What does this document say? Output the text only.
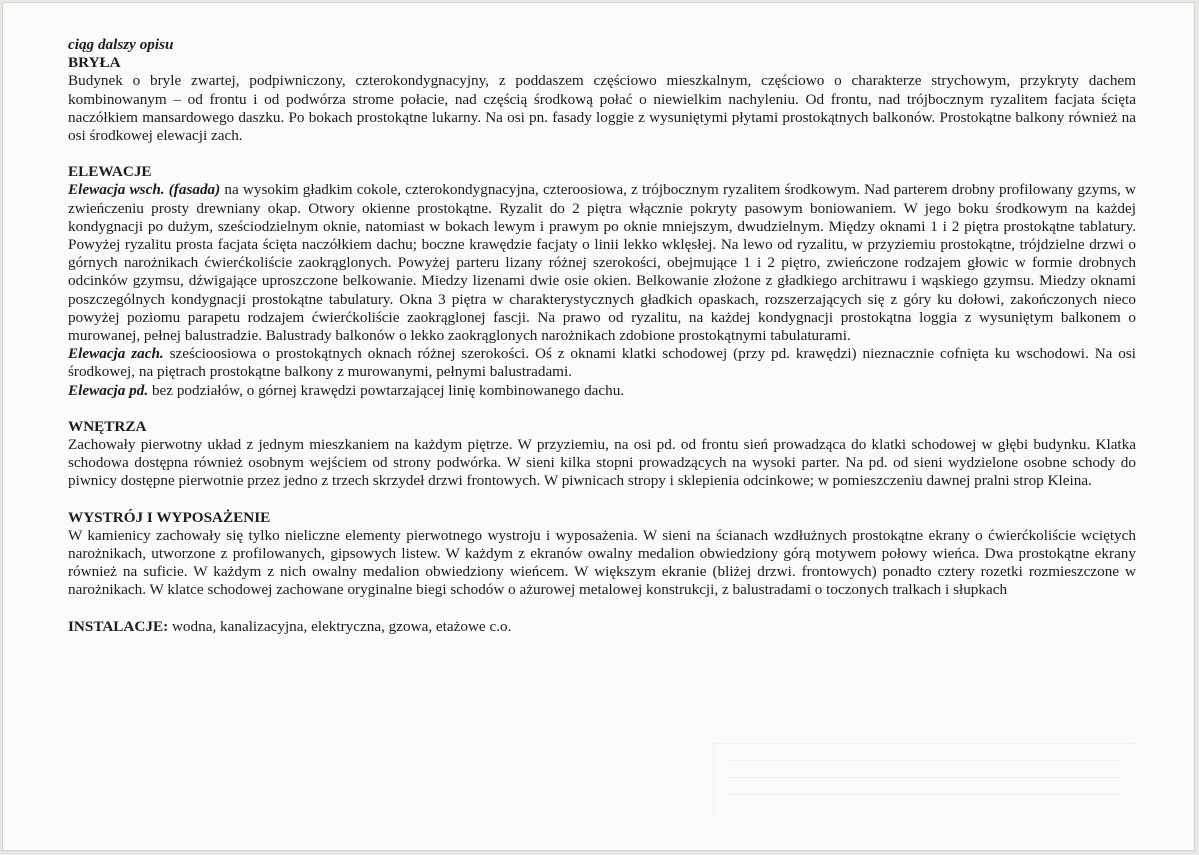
ciąg dalszy opisu

BRYŁA

Budynek o bryle zwartej, podpiwniczony, czterokondygnacyjny, z poddaszem częściowo mieszkalnym, częściowo o charakterze strychowym, przykryty dachem kombinowanym – od frontu i od podwórza strome połacie, nad częścią środkową połać o niewielkim nachyleniu. Od frontu, nad trójbocznym ryzalitem facjata ścięta naczółkiem mansardowego daszku. Po bokach prostokątne lukarny. Na osi pn. fasady loggie z wysuniętymi płytami prostokątnych balkonów. Prostokątne balkony również na osi środkowej elewacji zach.

ELEWACJE

Elewacja wsch. (fasada) na wysokim gładkim cokole, czterokondygnacyjna, czteroosiowa, z trójbocznym ryzalitem środkowym. Nad parterem drobny profilowany gzyms, w zwieńczeniu prosty drewniany okap. Otwory okienne prostokątne. Ryzalit do 2 piętra włącznie pokryty pasowym boniowaniem. W jego boku środkowym na każdej kondygnacji po dużym, sześciodzielnym oknie, natomiast w bokach lewym i prawym po oknie mniejszym, dwudzielnym. Między oknami 1 i 2 piętra prostokątne tablatury. Powyżej ryzalitu prosta facjata ścięta naczółkiem dachu; boczne krawędzie facjaty o linii lekko wklęsłej. Na lewo od ryzalitu, w przyziemiu prostokątne, trójdzielne drzwi o górnych narożnikach ćwierćkoliście zaokrąglonych. Powyżej parteru lizany różnej szerokości, obejmujące 1 i 2 piętro, zwieńczone rodzajem głowic w formie drobnych odcinków gzymsu, dźwigające uproszczone belkowanie. Miedzy lizenami dwie osie okien. Belkowanie złożone z gładkiego architrawu i wąskiego gzymsu. Miedzy oknami poszczególnych kondygnacji prostokątne tabulatury. Okna 3 piętra w charakterystycznych gładkich opaskach, rozszerzających się z góry ku dołowi, zakończonych nieco powyżej poziomu parapetu rodzajem ćwierćkoliście zaokrąglonej fascji. Na prawo od ryzalitu, na każdej kondygnacji prostokątna loggia z wysuniętym balkonem o murowanej, pełnej balustradzie. Balustrady balkonów o lekko zaokrąglonych narożnikach zdobione prostokątnymi tabulaturami.

Elewacja zach. sześcioosiowa o prostokątnych oknach różnej szerokości. Oś z oknami klatki schodowej (przy pd. krawędzi) nieznacznie cofnięta ku wschodowi. Na osi środkowej, na piętrach prostokątne balkony z murowanymi, pełnymi balustradami.

Elewacja pd. bez podziałów, o górnej krawędzi powtarzającej linię kombinowanego dachu.

WNĘTRZA

Zachowały pierwotny układ z jednym mieszkaniem na każdym piętrze. W przyziemiu, na osi pd. od frontu sień prowadząca do klatki schodowej w głębi budynku. Klatka schodowa dostępna również osobnym wejściem od strony podwórka. W sieni kilka stopni prowadzących na wysoki parter. Na pd. od sieni wydzielone osobne schody do piwnicy dostępne pierwotnie przez jedno z trzech skrzydeł drzwi frontowych. W piwnicach stropy i sklepienia odcinkowe; w pomieszczeniu dawnej pralni strop Kleina.

WYSTRÓJ I WYPOSAŻENIE

W kamienicy zachowały się tylko nieliczne elementy pierwotnego wystroju i wyposażenia. W sieni na ścianach wzdłużnych prostokątne ekrany o ćwierćkoliście wciętych narożnikach, utworzone z profilowanych, gipsowych listew. W każdym z ekranów owalny medalion obwiedziony górą motywem połowy wieńca. Dwa prostokątne ekrany również na suficie. W każdym z nich owalny medalion obwiedziony wieńcem. W większym ekranie (bliżej drzwi. frontowych) ponadto cztery rozetki rozmieszczone w narożnikach. W klatce schodowej zachowane oryginalne biegi schodów o ażurowej metalowej konstrukcji, z balustradami o toczonych tralkach i słupkach

INSTALACJE: wodna, kanalizacyjna, elektryczna, gzowa, etażowe c.o.
